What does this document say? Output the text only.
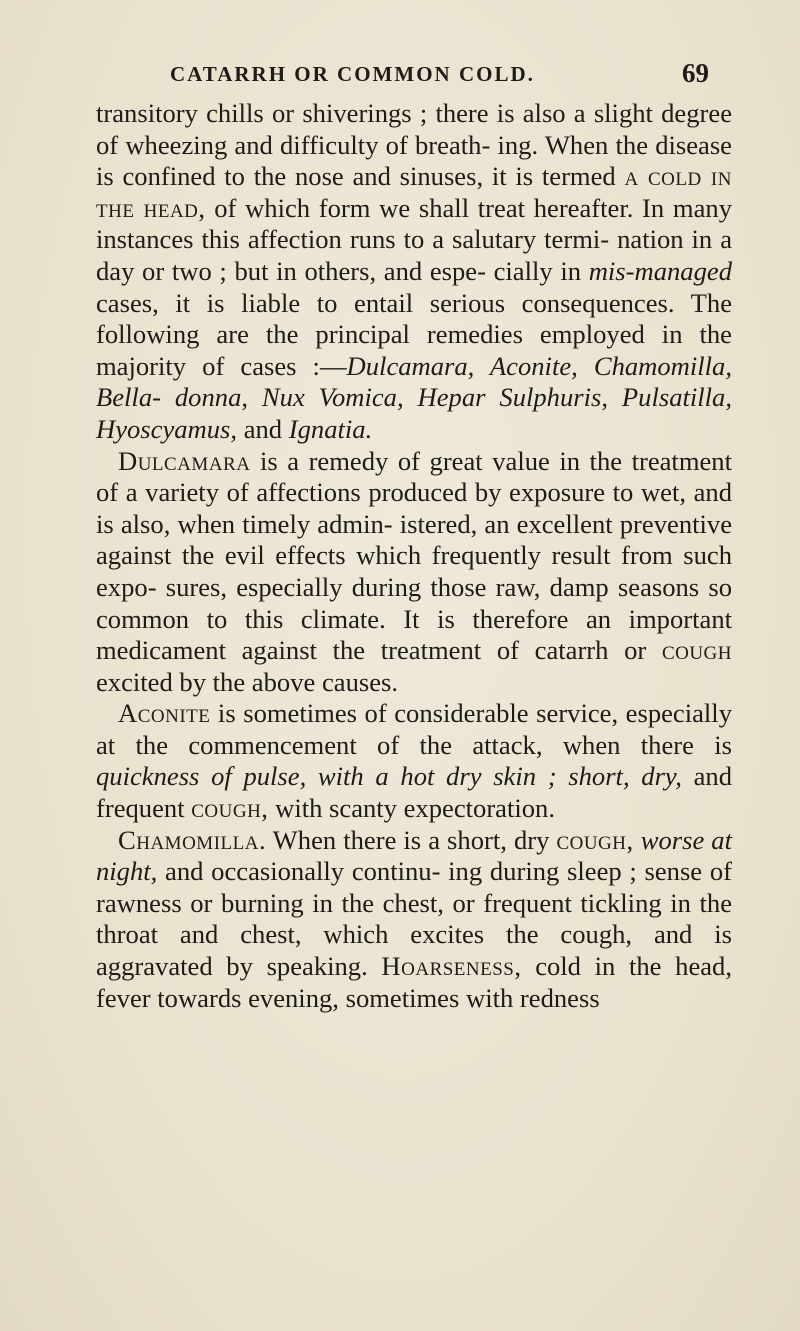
CATARRH OR COMMON COLD.	69

transitory chills or shiverings ; there is also a slight degree of wheezing and difficulty of breath- ing. When the disease is confined to the nose and sinuses, it is termed a cold in the head, of which form we shall treat hereafter. In many instances this affection runs to a salutary termi- nation in a day or two ; but in others, and espe- cially in mis-managed cases, it is liable to entail serious consequences. The following are the principal remedies employed in the majority of cases :—Dulcamara, Aconite, Chamomilla, Bella- donna, Nux Vomica, Hepar Sulphuris, Pulsatilla, Hyoscyamus, and Ignatia.

Dulcamara is a remedy of great value in the treatment of a variety of affections produced by exposure to wet, and is also, when timely admin- istered, an excellent preventive against the evil effects which frequently result from such expo- sures, especially during those raw, damp seasons so common to this climate. It is therefore an important medicament against the treatment of catarrh or cough excited by the above causes.

Aconite is sometimes of considerable service, especially at the commencement of the attack, when there is quickness of pulse, with a hot dry skin ; short, dry, and frequent cough, with scanty expectoration.

Chamomilla. When there is a short, dry cough, worse at night, and occasionally continu- ing during sleep ; sense of rawness or burning in the chest, or frequent tickling in the throat and chest, which excites the cough, and is aggravated by speaking. Hoarseness, cold in the head, fever towards evening, sometimes with redness
